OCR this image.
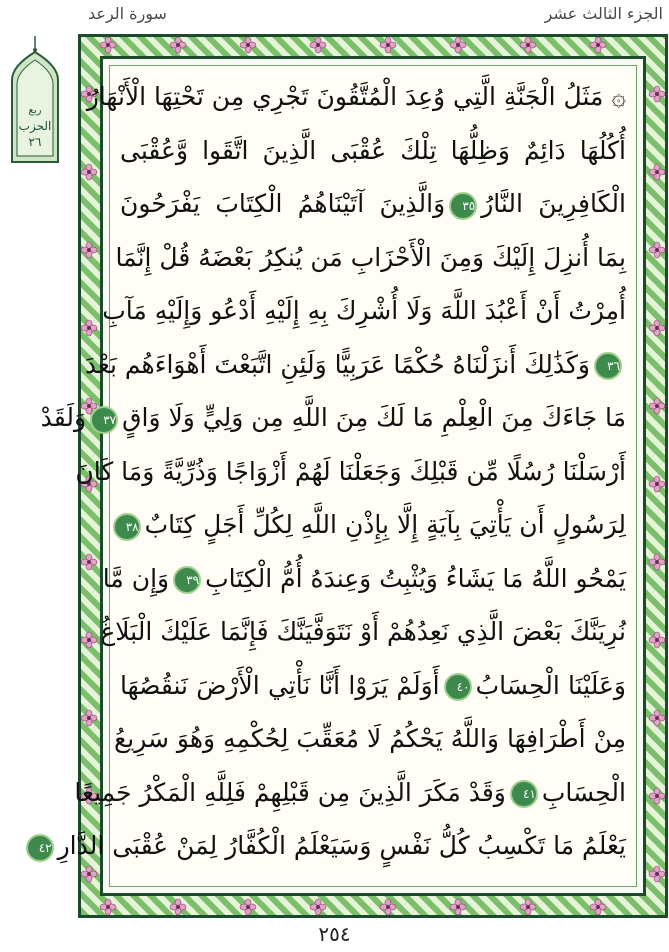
الجزء الثالث عشر
سورة الرعد
ربع
الحزب
٢٦
۞ مَثَلُ الْجَنَّةِ الَّتِي وُعِدَ الْمُتَّقُونَ تَجْرِي مِن تَحْتِهَا الْأَنْهَارُ
أُكُلُهَا دَائِمٌ وَظِلُّهَا تِلْكَ عُقْبَى الَّذِينَ اتَّقَوا وَّعُقْبَى
الْكَافِرِينَ النَّارُ٣٥وَالَّذِينَ آتَيْنَاهُمُ الْكِتَابَ يَفْرَحُونَ
بِمَا أُنزِلَ إِلَيْكَ وَمِنَ الْأَحْزَابِ مَن يُنكِرُ بَعْضَهُ قُلْ إِنَّمَا
أُمِرْتُ أَنْ أَعْبُدَ اللَّهَ وَلَا أُشْرِكَ بِهِ إِلَيْهِ أَدْعُو وَإِلَيْهِ مَآبِ
٣٦وَكَذَٰلِكَ أَنزَلْنَاهُ حُكْمًا عَرَبِيًّا وَلَئِنِ اتَّبَعْتَ أَهْوَاءَهُم بَعْدَ
مَا جَاءَكَ مِنَ الْعِلْمِ مَا لَكَ مِنَ اللَّهِ مِن وَلِيٍّ وَلَا وَاقٍ٣٧وَلَقَدْ
أَرْسَلْنَا رُسُلًا مِّن قَبْلِكَ وَجَعَلْنَا لَهُمْ أَزْوَاجًا وَذُرِّيَّةً وَمَا كَانَ
لِرَسُولٍ أَن يَأْتِيَ بِآيَةٍ إِلَّا بِإِذْنِ اللَّهِ لِكُلِّ أَجَلٍ كِتَابٌ٣٨
يَمْحُو اللَّهُ مَا يَشَاءُ وَيُثْبِتُ وَعِندَهُ أُمُّ الْكِتَابِ٣٩وَإِن مَّا
نُرِيَنَّكَ بَعْضَ الَّذِي نَعِدُهُمْ أَوْ نَتَوَفَّيَنَّكَ فَإِنَّمَا عَلَيْكَ الْبَلَاغُ
وَعَلَيْنَا الْحِسَابُ٤٠أَوَلَمْ يَرَوْا أَنَّا نَأْتِي الْأَرْضَ نَنقُصُهَا
مِنْ أَطْرَافِهَا وَاللَّهُ يَحْكُمُ لَا مُعَقِّبَ لِحُكْمِهِ وَهُوَ سَرِيعُ
الْحِسَابِ٤١وَقَدْ مَكَرَ الَّذِينَ مِن قَبْلِهِمْ فَلِلَّهِ الْمَكْرُ جَمِيعًا
يَعْلَمُ مَا تَكْسِبُ كُلُّ نَفْسٍ وَسَيَعْلَمُ الْكُفَّارُ لِمَنْ عُقْبَى الدَّارِ٤٢
٢٥٤
